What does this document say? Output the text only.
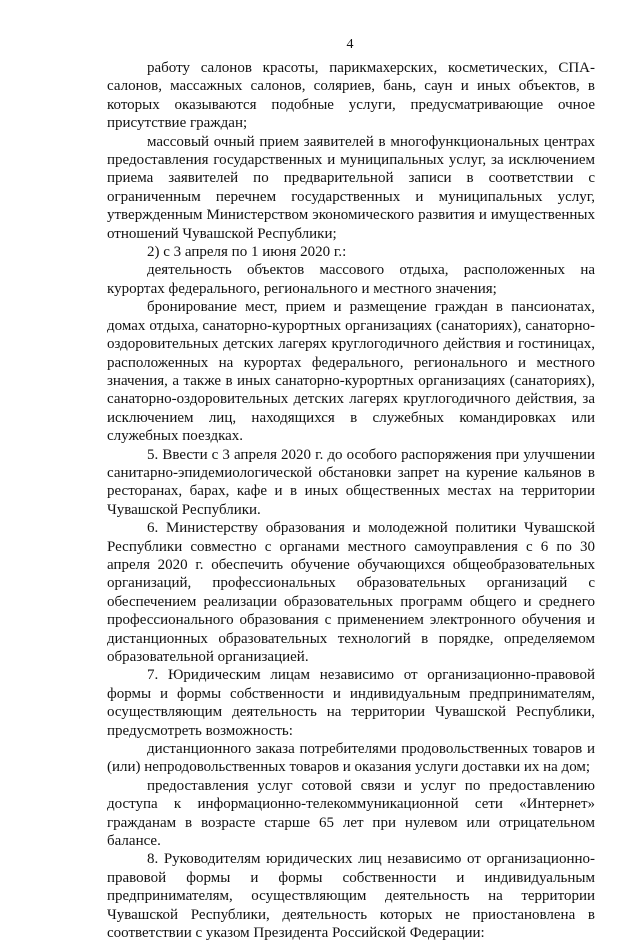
4

работу салонов красоты, парикмахерских, косметических, СПА-салонов, массажных салонов, соляриев, бань, саун и иных объектов, в которых оказываются подобные услуги, предусматривающие очное присутствие граждан;

массовый очный прием заявителей в многофункциональных центрах предоставления государственных и муниципальных услуг, за исключением приема заявителей по предварительной записи в соответствии с ограниченным перечнем государственных и муниципальных услуг, утвержденным Министерством экономического развития и имущественных отношений Чувашской Республики;

2) с 3 апреля по 1 июня 2020 г.:

деятельность объектов массового отдыха, расположенных на курортах федерального, регионального и местного значения;

бронирование мест, прием и размещение граждан в пансионатах, домах отдыха, санаторно-курортных организациях (санаториях), санаторно-оздоровительных детских лагерях круглогодичного действия и гостиницах, расположенных на курортах федерального, регионального и местного значения, а также в иных санаторно-курортных организациях (санаториях), санаторно-оздоровительных детских лагерях круглогодичного действия, за исключением лиц, находящихся в служебных командировках или служебных поездках.

5. Ввести с 3 апреля 2020 г. до особого распоряжения при улучшении санитарно-эпидемиологической обстановки запрет на курение кальянов в ресторанах, барах, кафе и в иных общественных местах на территории Чувашской Республики.

6. Министерству образования и молодежной политики Чувашской Республики совместно с органами местного самоуправления с 6 по 30 апреля 2020 г. обеспечить обучение обучающихся общеобразовательных организаций, профессиональных образовательных организаций с обеспечением реализации образовательных программ общего и среднего профессионального образования с применением электронного обучения и дистанционных образовательных технологий в порядке, определяемом образовательной организацией.

7. Юридическим лицам независимо от организационно-правовой формы и формы собственности и индивидуальным предпринимателям, осуществляющим деятельность на территории Чувашской Республики, предусмотреть возможность:

дистанционного заказа потребителями продовольственных товаров и (или) непродовольственных товаров и оказания услуги доставки их на дом;

предоставления услуг сотовой связи и услуг по предоставлению доступа к информационно-телекоммуникационной сети «Интернет» гражданам в возрасте старше 65 лет при нулевом или отрицательном балансе.

8. Руководителям юридических лиц независимо от организационно-правовой формы и формы собственности и индивидуальным предпринимателям, осуществляющим деятельность на территории Чувашской Республики, деятельность которых не приостановлена в соответствии с указом Президента Российской Федерации:
